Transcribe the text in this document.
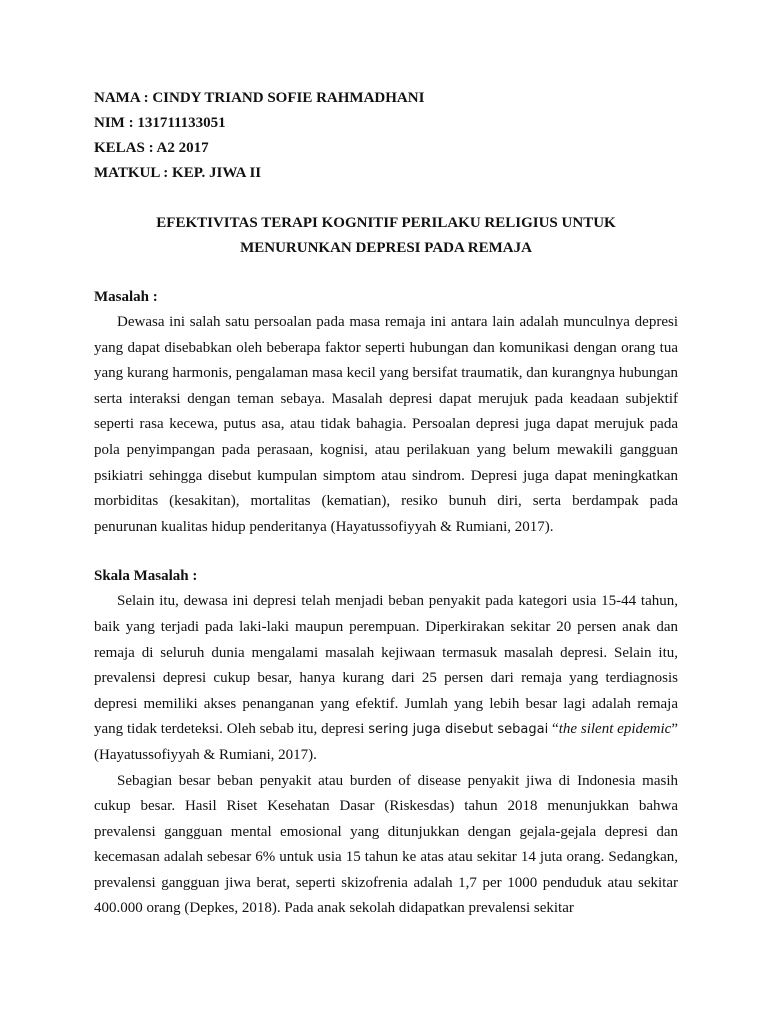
NAMA : CINDY TRIAND SOFIE RAHMADHANI
NIM : 131711133051
KELAS : A2 2017
MATKUL : KEP. JIWA II
EFEKTIVITAS TERAPI KOGNITIF PERILAKU RELIGIUS UNTUK
MENURUNKAN DEPRESI PADA REMAJA
Masalah :

Dewasa ini salah satu persoalan pada masa remaja ini antara lain adalah munculnya depresi yang dapat disebabkan oleh beberapa faktor seperti hubungan dan komunikasi dengan orang tua yang kurang harmonis, pengalaman masa kecil yang bersifat traumatik, dan kurangnya hubungan serta interaksi dengan teman sebaya. Masalah depresi dapat merujuk pada keadaan subjektif seperti rasa kecewa, putus asa, atau tidak bahagia. Persoalan depresi juga dapat merujuk pada pola penyimpangan pada perasaan, kognisi, atau perilakuan yang belum mewakili gangguan psikiatri sehingga disebut kumpulan simptom atau sindrom. Depresi juga dapat meningkatkan morbiditas (kesakitan), mortalitas (kematian), resiko bunuh diri, serta berdampak pada penurunan kualitas hidup penderitanya (Hayatussofiyyah & Rumiani, 2017).

Skala Masalah :

Selain itu, dewasa ini depresi telah menjadi beban penyakit pada kategori usia 15-44 tahun, baik yang terjadi pada laki-laki maupun perempuan. Diperkirakan sekitar 20 persen anak dan remaja di seluruh dunia mengalami masalah kejiwaan termasuk masalah depresi. Selain itu, prevalensi depresi cukup besar, hanya kurang dari 25 persen dari remaja yang terdiagnosis depresi memiliki akses penanganan yang efektif. Jumlah yang lebih besar lagi adalah remaja yang tidak terdeteksi. Oleh sebab itu, depresi sering juga disebut sebagai “the silent epidemic” (Hayatussofiyyah & Rumiani, 2017).

Sebagian besar beban penyakit atau burden of disease penyakit jiwa di Indonesia masih cukup besar. Hasil Riset Kesehatan Dasar (Riskesdas) tahun 2018 menunjukkan bahwa prevalensi gangguan mental emosional yang ditunjukkan dengan gejala-gejala depresi dan kecemasan adalah sebesar 6% untuk usia 15 tahun ke atas atau sekitar 14 juta orang. Sedangkan, prevalensi gangguan jiwa berat, seperti skizofrenia adalah 1,7 per 1000 penduduk atau sekitar 400.000 orang (Depkes, 2018). Pada anak sekolah didapatkan prevalensi sekitar
